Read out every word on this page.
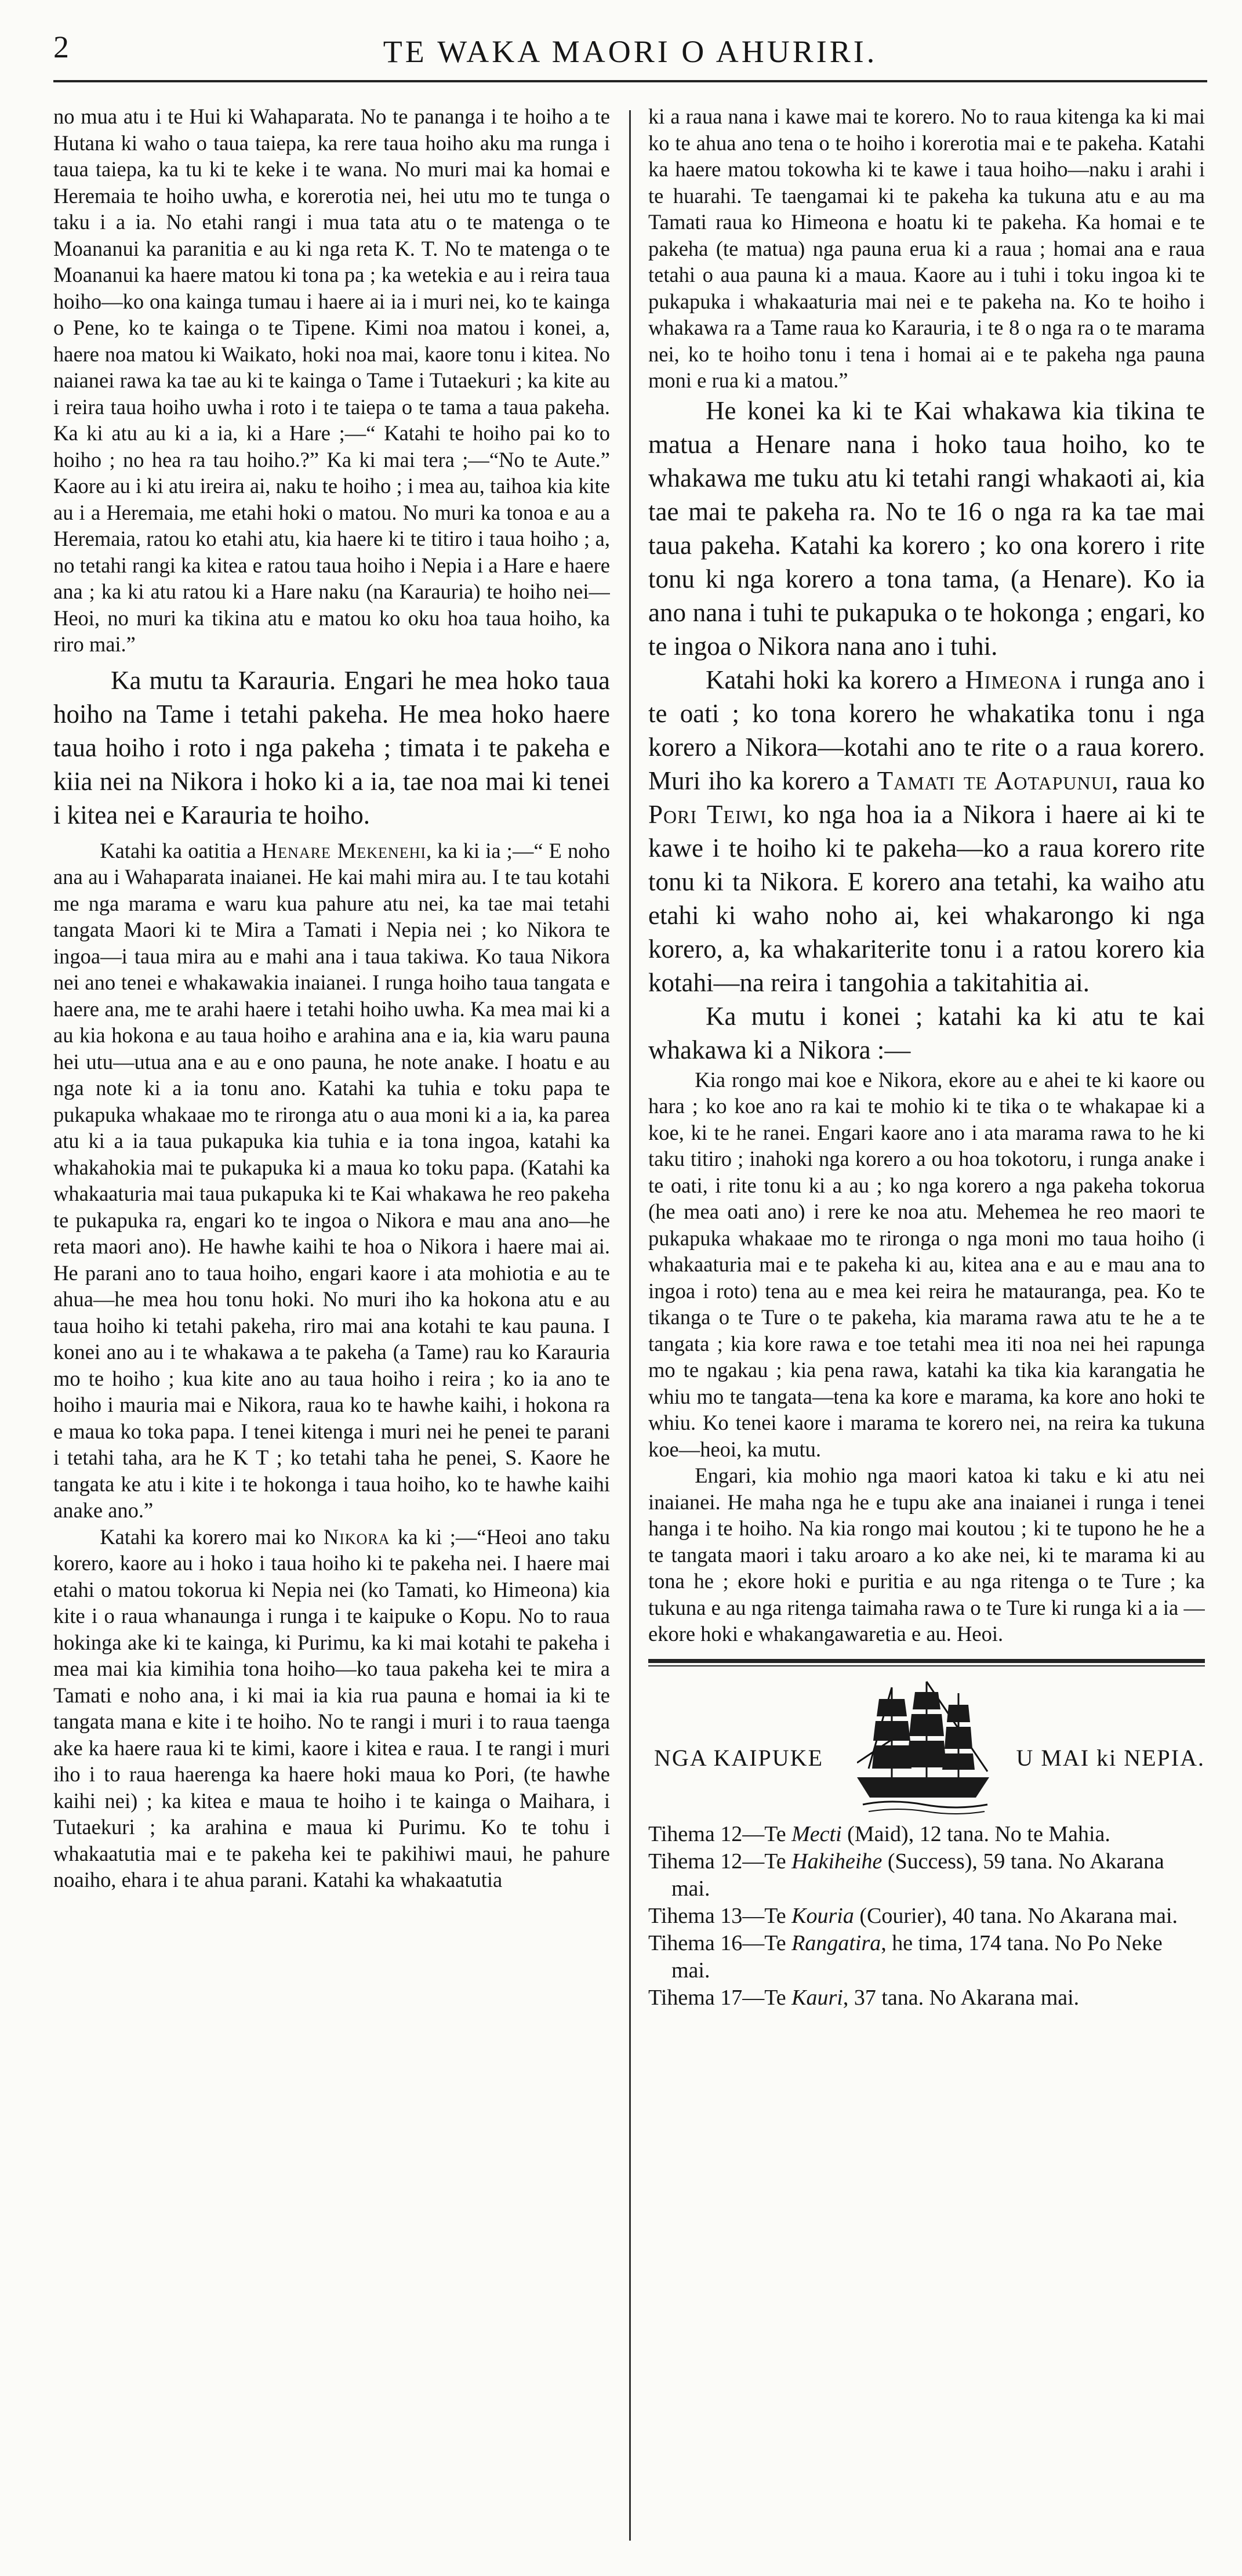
2	TE WAKA MAORI O AHURIRI.

no mua atu i te Hui ki Wahaparata. No te pananga i te hoiho a te Hutana ki waho o taua taiepa, ka rere taua hoiho aku ma runga i taua taiepa, ka tu ki te keke i te wana. No muri mai ka homai e Heremaia te hoiho uwha, e korerotia nei, hei utu mo te tunga o taku i a ia. No etahi rangi i mua tata atu o te matenga o te Moananui ka paranitia e au ki nga reta K. T. No te matenga o te Moananui ka haere matou ki tona pa ; ka wetekia e au i reira taua hoiho—ko ona kainga tumau i haere ai ia i muri nei, ko te kainga o Pene, ko te kainga o te Tipene. Kimi noa matou i konei, a, haere noa matou ki Waikato, hoki noa mai, kaore tonu i kitea. No naianei rawa ka tae au ki te kainga o Tame i Tutaekuri ; ka kite au i reira taua hoiho uwha i roto i te taiepa o te tama a taua pakeha. Ka ki atu au ki a ia, ki a Hare ;—“ Katahi te hoiho pai ko to hoiho ; no hea ra tau hoiho.?” Ka ki mai tera ;—“No te Aute.” Kaore au i ki atu ireira ai, naku te hoiho ; i mea au, taihoa kia kite au i a Heremaia, me etahi hoki o matou. No muri ka tonoa e au a Heremaia, ratou ko etahi atu, kia haere ki te titiro i taua hoiho ; a, no tetahi rangi ka kitea e ratou taua hoiho i Nepia i a Hare e haere ana ; ka ki atu ratou ki a Hare naku (na Karauria) te hoiho nei—Heoi, no muri ka tikina atu e matou ko oku hoa taua hoiho, ka riro mai.”

Ka mutu ta Karauria. Engari he mea hoko taua hoiho na Tame i tetahi pakeha. He mea hoko haere taua hoiho i roto i nga pakeha ; timata i te pakeha e kiia nei na Nikora i hoko ki a ia, tae noa mai ki tenei i kitea nei e Karauria te hoiho.

Katahi ka oatitia a Henare Mekenehi, ka ki ia ;—“ E noho ana au i Wahaparata inaianei. He kai mahi mira au. I te tau kotahi me nga marama e waru kua pahure atu nei, ka tae mai tetahi tangata Maori ki te Mira a Tamati i Nepia nei ; ko Nikora te ingoa—i taua mira au e mahi ana i taua takiwa. Ko taua Nikora nei ano tenei e whakawakia inaianei. I runga hoiho taua tangata e haere ana, me te arahi haere i tetahi hoiho uwha. Ka mea mai ki a au kia hokona e au taua hoiho e arahina ana e ia, kia waru pauna hei utu—utua ana e au e ono pauna, he note anake. I hoatu e au nga note ki a ia tonu ano. Katahi ka tuhia e toku papa te pukapuka whakaae mo te rironga atu o aua moni ki a ia, ka parea atu ki a ia taua pukapuka kia tuhia e ia tona ingoa, katahi ka whakahokia mai te pukapuka ki a maua ko toku papa. (Katahi ka whakaaturia mai taua pukapuka ki te Kai whakawa he reo pakeha te pukapuka ra, engari ko te ingoa o Nikora e mau ana ano—he reta maori ano). He hawhe kaihi te hoa o Nikora i haere mai ai. He parani ano to taua hoiho, engari kaore i ata mohiotia e au te ahua—he mea hou tonu hoki. No muri iho ka hokona atu e au taua hoiho ki tetahi pakeha, riro mai ana kotahi te kau pauna. I konei ano au i te whakawa a te pakeha (a Tame) rau ko Karauria mo te hoiho ; kua kite ano au taua hoiho i reira ; ko ia ano te hoiho i mauria mai e Nikora, raua ko te hawhe kaihi, i hokona ra e maua ko toka papa. I tenei kitenga i muri nei he penei te parani i tetahi taha, ara he K T ; ko tetahi taha he penei, S. Kaore he tangata ke atu i kite i te hokonga i taua hoiho, ko te hawhe kaihi anake ano.”

Katahi ka korero mai ko Nikora ka ki ;—“Heoi ano taku korero, kaore au i hoko i taua hoiho ki te pakeha nei. I haere mai etahi o matou tokorua ki Nepia nei (ko Tamati, ko Himeona) kia kite i o raua whanaunga i runga i te kaipuke o Kopu. No to raua hokinga ake ki te kainga, ki Purimu, ka ki mai kotahi te pakeha i mea mai kia kimihia tona hoiho—ko taua pakeha kei te mira a Tamati e noho ana, i ki mai ia kia rua pauna e homai ia ki te tangata mana e kite i te hoiho. No te rangi i muri i to raua taenga ake ka haere raua ki te kimi, kaore i kitea e raua. I te rangi i muri iho i to raua haerenga ka haere hoki maua ko Pori, (te hawhe kaihi nei) ; ka kitea e maua te hoiho i te kainga o Maihara, i Tutaekuri ; ka arahina e maua ki Purimu. Ko te tohu i whakaatutia mai e te pakeha kei te pakihiwi maui, he pahure noaiho, ehara i te ahua parani. Katahi ka whakaatutia

ki a raua nana i kawe mai te korero. No to raua kitenga ka ki mai ko te ahua ano tena o te hoiho i korerotia mai e te pakeha. Katahi ka haere matou tokowha ki te kawe i taua hoiho—naku i arahi i te huarahi. Te taengamai ki te pakeha ka tukuna atu e au ma Tamati raua ko Himeona e hoatu ki te pakeha. Ka homai e te pakeha (te matua) nga pauna erua ki a raua ; homai ana e raua tetahi o aua pauna ki a maua. Kaore au i tuhi i toku ingoa ki te pukapuka i whakaaturia mai nei e te pakeha na. Ko te hoiho i whakawa ra a Tame raua ko Karauria, i te 8 o nga ra o te marama nei, ko te hoiho tonu i tena i homai ai e te pakeha nga pauna moni e rua ki a matou.”

He konei ka ki te Kai whakawa kia tikina te matua a Henare nana i hoko taua hoiho, ko te whakawa me tuku atu ki tetahi rangi whakaoti ai, kia tae mai te pakeha ra. No te 16 o nga ra ka tae mai taua pakeha. Katahi ka korero ; ko ona korero i rite tonu ki nga korero a tona tama, (a Henare). Ko ia ano nana i tuhi te pukapuka o te hokonga ; engari, ko te ingoa o Nikora nana ano i tuhi.

Katahi hoki ka korero a Himeona i runga ano i te oati ; ko tona korero he whakatika tonu i nga korero a Nikora—kotahi ano te rite o a raua korero. Muri iho ka korero a Tamati te Aotapunui, raua ko Pori Teiwi, ko nga hoa ia a Nikora i haere ai ki te kawe i te hoiho ki te pakeha—ko a raua korero rite tonu ki ta Nikora. E korero ana tetahi, ka waiho atu etahi ki waho noho ai, kei whakarongo ki nga korero, a, ka whakariterite tonu i a ratou korero kia kotahi—na reira i tangohia a takitahitia ai.

Ka mutu i konei ; katahi ka ki atu te kai whakawa ki a Nikora :—

Kia rongo mai koe e Nikora, ekore au e ahei te ki kaore ou hara ; ko koe ano ra kai te mohio ki te tika o te whakapae ki a koe, ki te he ranei. Engari kaore ano i ata marama rawa to he ki taku titiro ; inahoki nga korero a ou hoa tokotoru, i runga anake i te oati, i rite tonu ki a au ; ko nga korero a nga pakeha tokorua (he mea oati ano) i rere ke noa atu. Mehemea he reo maori te pukapuka whakaae mo te rironga o nga moni mo taua hoiho (i whakaaturia mai e te pakeha ki au, kitea ana e au e mau ana to ingoa i roto) tena au e mea kei reira he matauranga, pea. Ko te tikanga o te Ture o te pakeha, kia marama rawa atu te he a te tangata ; kia kore rawa e toe tetahi mea iti noa nei hei rapunga mo te ngakau ; kia pena rawa, katahi ka tika kia karangatia he whiu mo te tangata—tena ka kore e marama, ka kore ano hoki te whiu. Ko tenei kaore i marama te korero nei, na reira ka tukuna koe—heoi, ka mutu.

Engari, kia mohio nga maori katoa ki taku e ki atu nei inaianei. He maha nga he e tupu ake ana inaianei i runga i tenei hanga i te hoiho. Na kia rongo mai koutou ; ki te tupono he he a te tangata maori i taku aroaro a ko ake nei, ki te marama ki au tona he ; ekore hoki e puritia e au nga ritenga o te Ture ; ka tukuna e au nga ritenga taimaha rawa o te Ture ki runga ki a ia —ekore hoki e whakangawaretia e au. Heoi.

NGA KAIPUKE	U MAI ki NEPIA.

Tihema 12—Te Mecti (Maid), 12 tana. No te Mahia.

Tihema 12—Te Hakiheihe (Success), 59 tana. No Akarana mai.

Tihema 13—Te Kouria (Courier), 40 tana. No Akarana mai.

Tihema 16—Te Rangatira, he tima, 174 tana. No Po Neke mai.

Tihema 17—Te Kauri, 37 tana. No Akarana mai.
